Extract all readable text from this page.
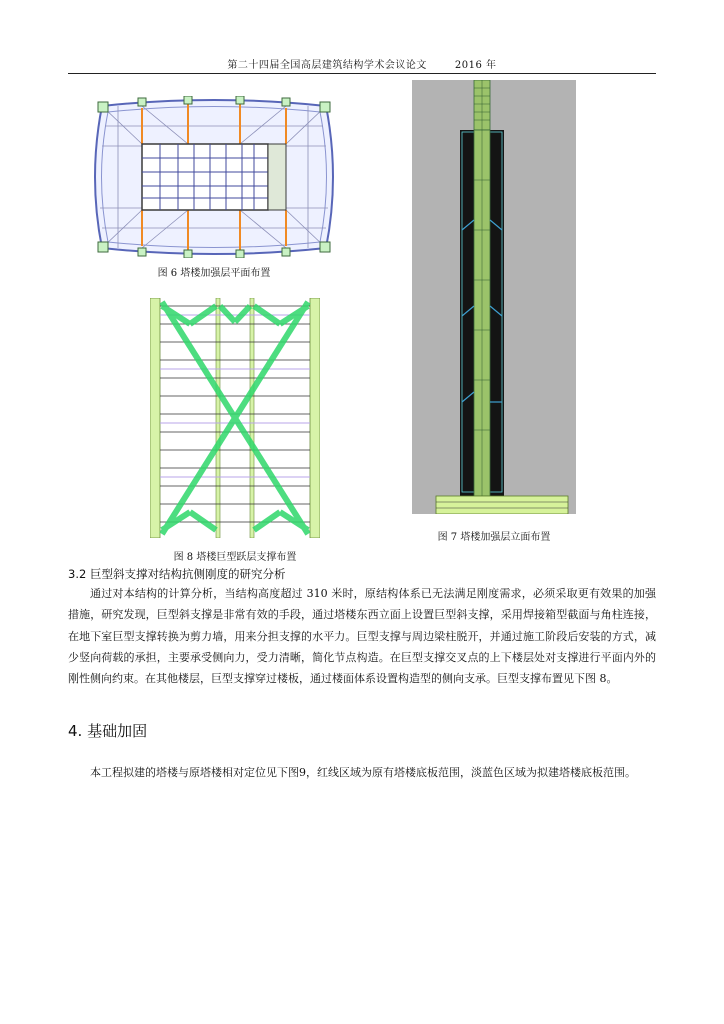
第二十四届全国高层建筑结构学术会议论文	2016 年
图 6 塔楼加强层平面布置
图 7 塔楼加强层立面布置
图 8 塔楼巨型跃层支撑布置
3.2 巨型斜支撑对结构抗侧刚度的研究分析
通过对本结构的计算分析，当结构高度超过 310 米时，原结构体系已无法满足刚度需求，必须采取更有效果的加强措施，研究发现，巨型斜支撑是非常有效的手段，通过塔楼东西立面上设置巨型斜支撑，采用焊接箱型截面与角柱连接，在地下室巨型支撑转换为剪力墙，用来分担支撑的水平力。巨型支撑与周边梁柱脱开，并通过施工阶段后安装的方式，减少竖向荷载的承担，主要承受侧向力，受力清晰，简化节点构造。在巨型支撑交叉点的上下楼层处对支撑进行平面内外的刚性侧向约束。在其他楼层，巨型支撑穿过楼板，通过楼面体系设置构造型的侧向支承。巨型支撑布置见下图 8。
4. 基础加固
本工程拟建的塔楼与原塔楼相对定位见下图9，红线区域为原有塔楼底板范围，淡蓝色区域为拟建塔楼底板范围。
